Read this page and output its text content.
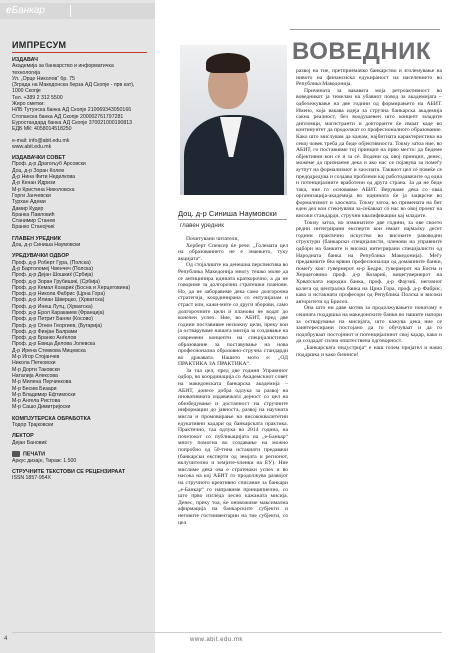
eБанкар
ИМПРЕСУМ
ИЗДАВАЧ
Академија за банкарство и информатичка
технологија
Ул. „Орце Николов“ бр. 75
(Зграда на Македонска берза АД Скопје - прв кат),
1000 Скопје
Тел. +389 2 312 5500
Жиро сметки:
НЛБ Тутунска банка АД Скопје 210069343050166
Стопанска банка АД Скопје 200002761797281
Еуростандард банка АД Скопје 370021000190813
ЕДБ МК: 4058014518250
e-mail: info@abit.edu.mk
www.abit.edu.mk
ИЗДАВАЧКИ СОВЕТ
Проф. д-р Драгољуб Арсовски
Доц. д-р Зоран Колев
Д-р Нина Фити Неделкова
Д-р Кенан Идризи
М-р Кристина Николовска
Горги Јанчевски
Турхан Адеми
Дамир Кудер
Бранка Павловић
Станимир Станев
Бранко Станојчиќ
ГЛАВЕН УРЕДНИК
Доц. д-р Синиша Наумовски
УРЕДУВАЧКИ ОДБОР
Проф. д-р Роберт Гура, (Полска)
Д-р Бартоломеј Чвенчеч (Полска)
Проф. д-р Дејан Шошкиќ (Србија)
Проф. д-р Зоран Грубишиќ, (Србија)
Проф. д-р Кемал Козариќ (Босна и Херцеговина)
Проф. д-р Никола Фабрис (Црна Гора)
Проф. д-р Илиан Шверцко, (Хрватска)
Проф. д-р Инеш Лутц, (Хрватска)
Проф. д-р Ерол Каракаиев (Франција)
Проф. д-р Петрит Баняи (Косово)
Проф. д-р Огнен Георгиев, (Бугарија)
Проф. д-р Финјан Балрами
Проф. д-р Бранко Анѓелов
Проф. д-р Евица Делова Јолевска
Д-р Ирена Стевкова Мицевска
М-р Игор Стојанчев
Никола Петковски
М-р Дорти Таковски
Наталија Алексова
М-р Милена Перчинкова
М-р Бесим Бизари
М-р Владимир Ефтимоски
М-р Ангела Ристова
М-р Сашо Димитријоски
КОМПЈУТЕРСКА ОБРАБОТКА
Тодор Трајковски
ЛЕКТОР
Дејан Бановиќ
ПЕЧАТИ
Аркус дизајн, Тираж: 1.500
СТРУЧНИТЕ ТЕКСТОВИ СЕ РЕЦЕНЗИРААТ
ISSN 1857-954X
ВОВЕДНИК
Доц. д-р Синиша Наумовски
главен уредник

Почитувани читатели,

Херберт Спенсер ќе рече: „Големата цел на образованието не е знаењето, туку акцијата“.

Од стојалиште на денешна перспектива во Република Македонија многу тешко може да се антиципира идниата краткорочно, а да не говориме за долгорочни стратешки планови. Но, да не заборавиме дека само долгорочна стратегија, координирана со ентузијазам и страст или, кажи-мите со други зборови, само долгорочните цели и планови не водат до конечен успех. Ние, во АБИТ, пред две години поставивме нескокну цели, преку кои ја остваруваме нашата мисија за создавање на современи концепти на специјалистичко образование за поставување на нова професионална образовно-стручна стандарди во државата. Нашето мото е: „ОД ПРАКТИКА ЗА ПРАКТИКА“.

За таа цел, пред две години Управниот одбор, во координација со Академскиот совет на македонската банкарска академија – АБИТ, донесе добра одлука за развој на иновативната издавачката дејност со цел на обезбедување и достапност на стручните информации до јавноста, развој на научната мисла и промовирање на висококвалитетни едукативни кадари од банкарската практика. Практично, таа одлука во 2014 година, на почетокот со публикацијата на „е-Банкар“ многу помогна во создавање на можно попробно од 50-тина истакнати предавачи (банкарски експерти од земјата и регионот, вклучително и земјите-членки на ЕУ). Ние мислиме дека ова е стратешки успех и во насока на кој АБИТ го продолжува развојот на стручното креативно списание за банкари „е-Банкар“ го направиме принципиелно, со што прво изгледа лесно кажаната мисија. Денес, преку тоа, ќе оновожиме максимална афирмација на банкарските субјекти и неговите гостинвентарии на тие субјекти, со цел

развој на тие, претприемачко банкарство и зголемување на нивото на финансиска едукираност на населението во Република Македонија.

Причината за вакавата моја ретроактивност во воведникот ја темелам на убавиот повод за академијата – одбележување на две години од формирањето на АБИТ. Имено, која вакава идеја за стручна банкарска академија сакна реалност, без воодушевен што концепт младите дипломци, магистранти и докторанти ќе имаат каде во континуитет да продолжат со професионалното образование. Како што мислувам да кажам, најбитната карактеристика на секој човек треба да биде објективноста. Токму затоа ние, во АБИТ, го поставивме тој принцип на прво место: да бидеме објективни кон сé и за сé. Водени од овој принцип, денес, можеме да признаеме дека и ако нас се појавува за помеѓу аутпут на формализмот и хаосната. Таквиот цел сé повеќе се предодредува и создава проблеми кај работодавачите од една и потенцијалните вработени од друга страна. За да не биде така, ние го основавме АБИТ. Веруваме дека со оваа организација-академија во иднината ќе ја зацврсне во формализмот и хаосната. Токму затоа, во примената на бит еден дел кои стекнувачи за-сеќаваат со нас во овој проект на високи стандарди, стручни квалификации кај младите.

Токму затоа, во изминатите две години, за ове своето редни интегрирани експерти кои имаат најмалку десет години практично искуство во високите раководни структури (банкарски специјалисти, членови на управните одбори на банките и високи интегрирани специјалисти од Народната банка на Република Македонија). Меѓу предавачите беа врвни професионалци од домашните банки, помеѓу кои: гувернерот м-р Бедри, гувернерот на Босна и Херцеговина проф. д-р Козариќ, вицегувернерот на Хрватската народна банка, проф. д-р Фаузиќ, неговиот колега од централна банка на Црна Гора, проф. д-р Фабрис, како и истакнати професори од Република Полска и високи авторитети од Брисел.

Она што ни даве мотив за продолжувањето понатаму е сешната поддршка на македонските банки во нашите напори за остварување на мисијата, што кажува дека ние се заинтересирани постојано да го обучуваат и да го подобруваат постојниот и потенцијалниот свој кадар, како и да создадат силна општествена одговорност.

„Банкарската индустрија“ е наш голем пријател и нашо поддршка и како бизниси!

4	www.abit.edu.mk
